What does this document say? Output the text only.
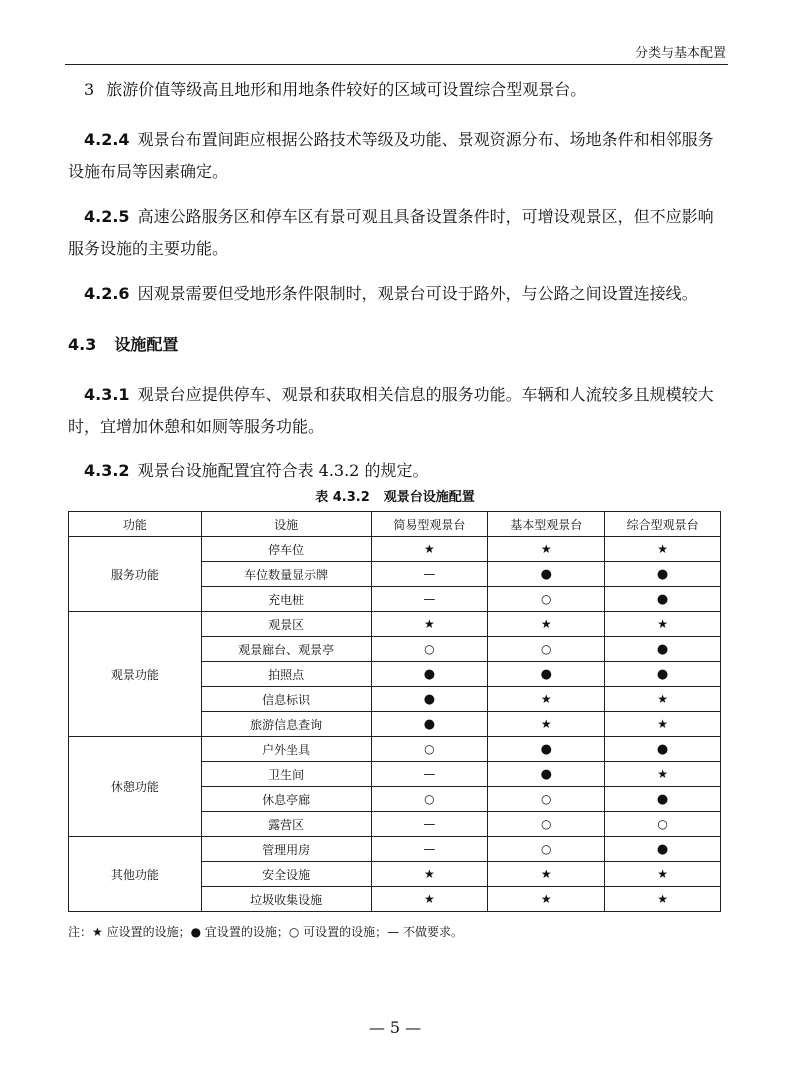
分类与基本配置
3 旅游价值等级高且地形和用地条件较好的区域可设置综合型观景台。
4.2.4 观景台布置间距应根据公路技术等级及功能、景观资源分布、场地条件和相邻服务设施布局等因素确定。
4.2.5 高速公路服务区和停车区有景可观且具备设置条件时，可增设观景区，但不应影响服务设施的主要功能。
4.2.6 因观景需要但受地形条件限制时，观景台可设于路外，与公路之间设置连接线。
4.3 设施配置
4.3.1 观景台应提供停车、观景和获取相关信息的服务功能。车辆和人流较多且规模较大时，宜增加休憩和如厕等服务功能。
4.3.2 观景台设施配置宜符合表 4.3.2 的规定。
表 4.3.2 观景台设施配置
功能	设施	简易型观景台	基本型观景台	综合型观景台
服务功能	停车位	★	★	★
	车位数量显示牌	—	●	●
	充电桩	—	○	●
观景功能	观景区	★	★	★
	观景廊台、观景亭	○	○	●
	拍照点	●	●	●
	信息标识	●	★	★
	旅游信息查询	●	★	★
休憩功能	户外坐具	○	●	●
	卫生间	—	●	★
	休息亭廊	○	○	●
	露营区	—	○	○
其他功能	管理用房	—	○	●
	安全设施	★	★	★
	垃圾收集设施	★	★	★
注：★ 应设置的设施；● 宜设置的设施；○ 可设置的设施；— 不做要求。
— 5 —
